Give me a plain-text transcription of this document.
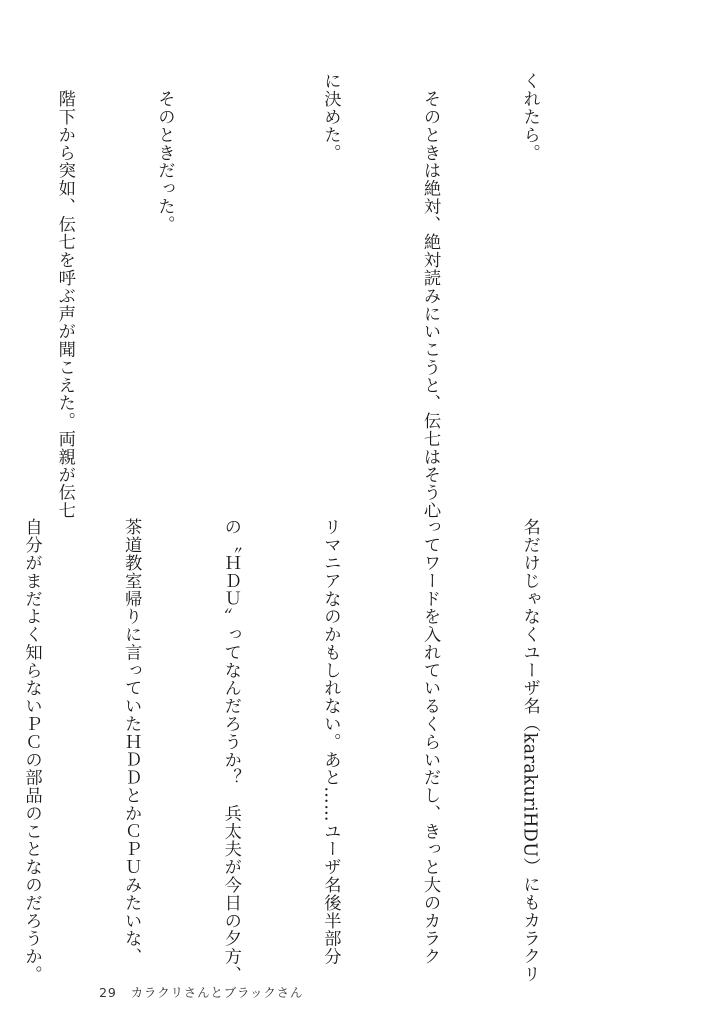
くれたら。

　そのときは絶対、絶対読みにいこうと、伝七はそう心

に決めた。

　そのときだった。

　階下から突如、伝七を呼ぶ声が聞こえた。両親が伝七

名だけじゃなくユーザ名（karakuriHDU）にもカラクリ

ってワードを入れているくらいだし、きっと大のカラク

リマニアなのかもしれない。あと……ユーザ名後半部分

の〝ＨＤＵ〟ってなんだろうか？　兵太夫が今日の夕方、

茶道教室帰りに言っていたＨＤＤとかＣＰＵみたいな、

自分がまだよく知らないＰＣの部品のことなのだろうか。

29 カラクリさんとブラックさん
